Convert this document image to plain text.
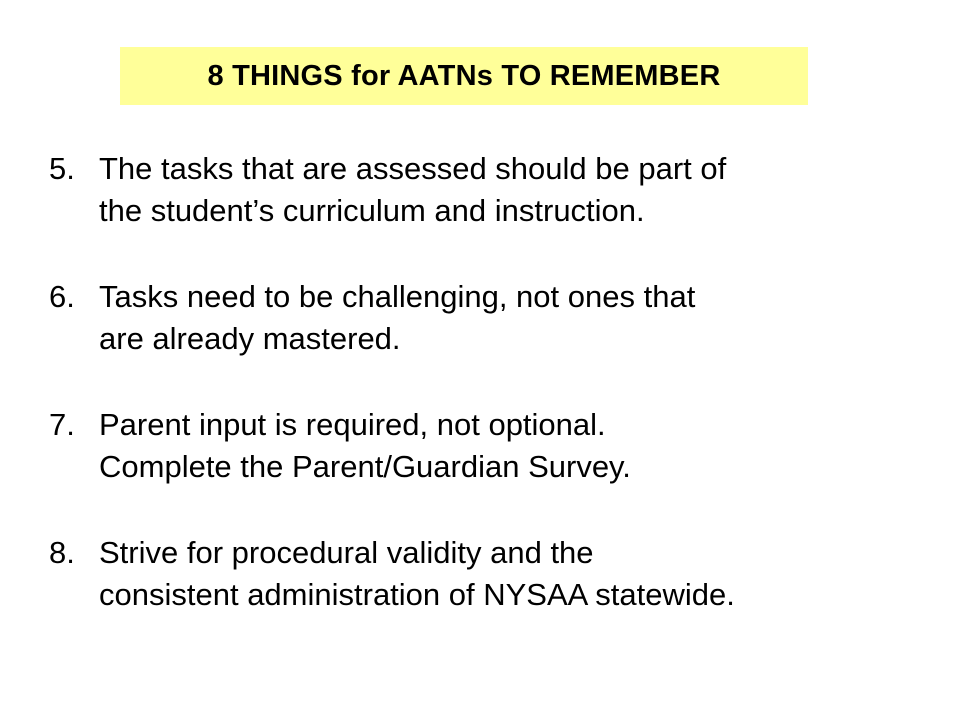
8 THINGS for AATNs TO REMEMBER
5. The tasks that are assessed should be part of
the student’s curriculum and instruction.
6. Tasks need to be challenging, not ones that
are already mastered.
7. Parent input is required, not optional.
Complete the Parent/Guardian Survey.
8. Strive for procedural validity and the
consistent administration of NYSAA statewide.
